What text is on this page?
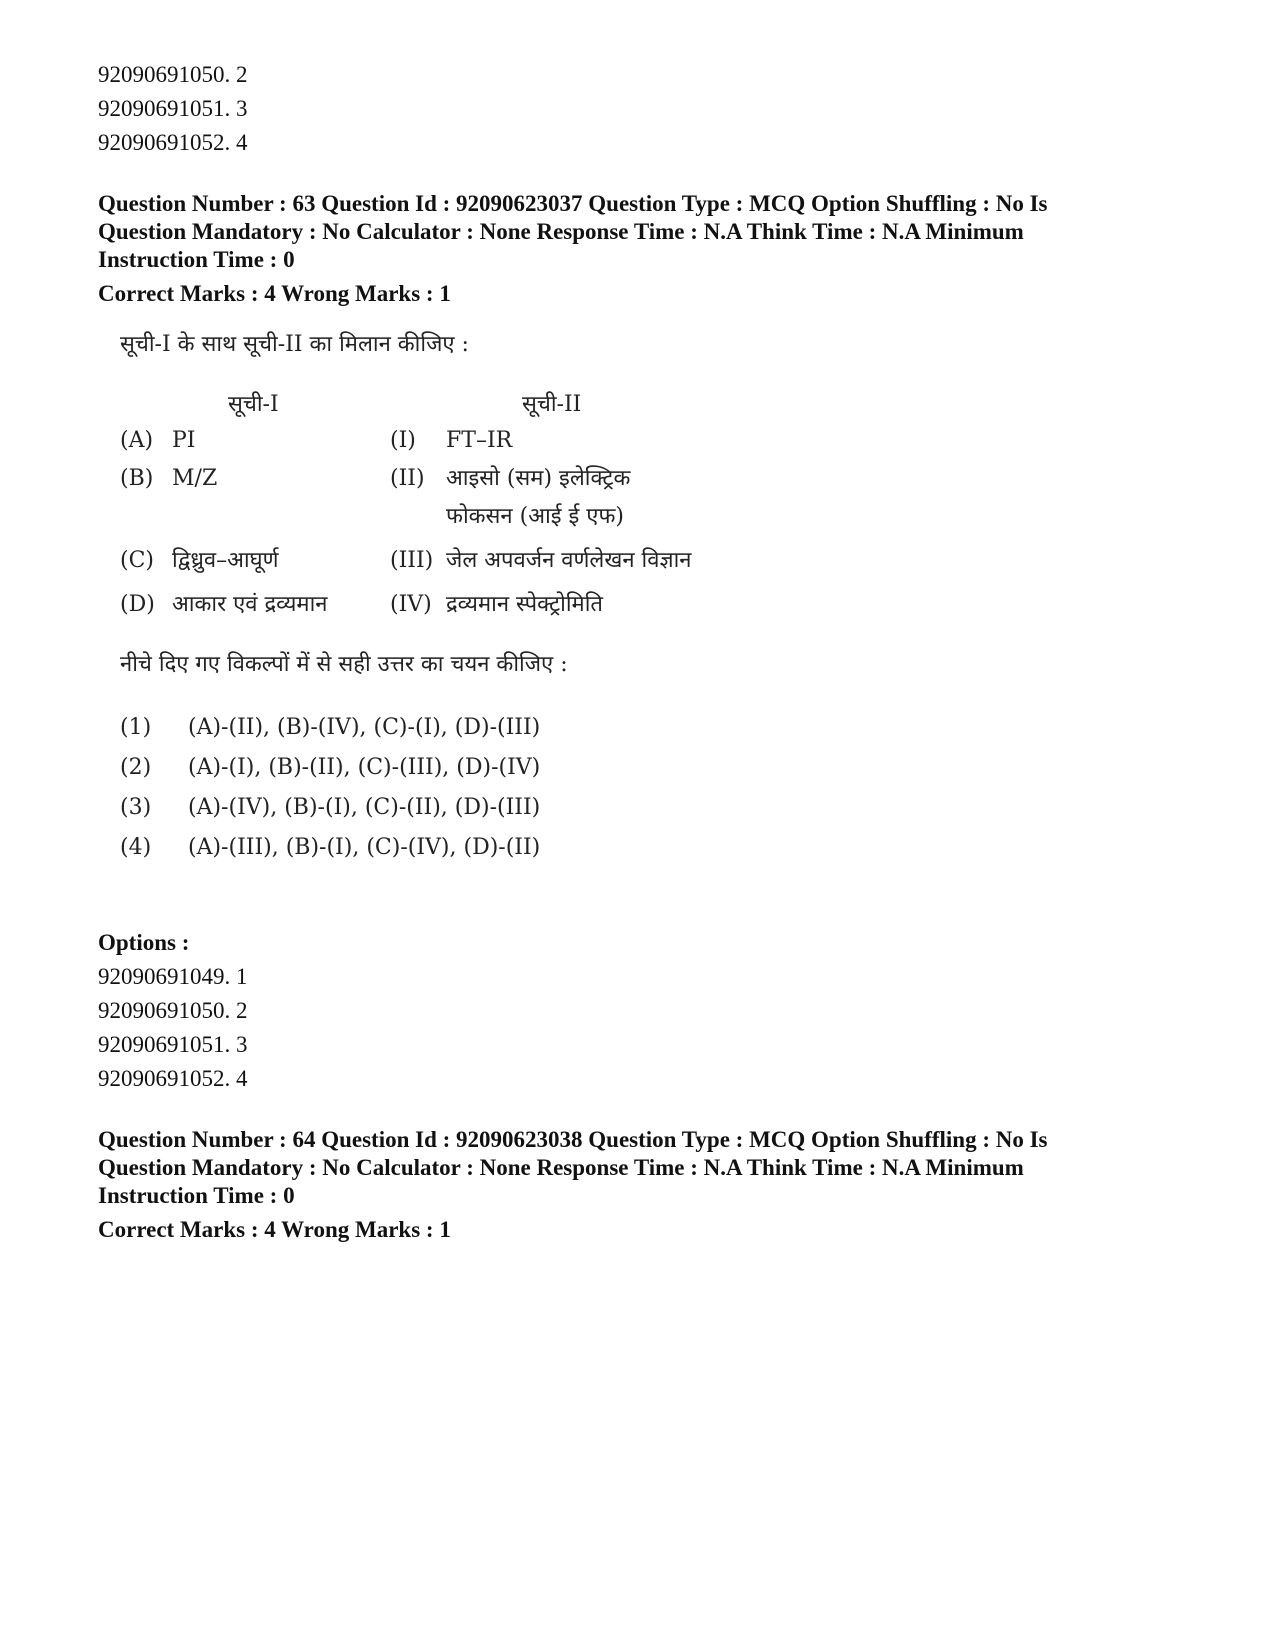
92090691050. 2
92090691051. 3
92090691052. 4
Question Number : 63 Question Id : 92090623037 Question Type : MCQ Option Shuffling : No Is
Question Mandatory : No Calculator : None Response Time : N.A Think Time : N.A Minimum
Instruction Time : 0
Correct Marks : 4 Wrong Marks : 1
सूची-I के साथ सूची-II का मिलान कीजिए :
सूची-I	सूची-II
(A) PI	(I)	FT–IR
(B) M/Z	(II) आइसो (सम) इलेक्ट्रिक फोकसन (आई ई एफ)
(C) द्विध्रुव–आघूर्ण	(III) जेल अपवर्जन वर्णलेखन विज्ञान
(D) आकार एवं द्रव्यमान	(IV) द्रव्यमान स्पेक्ट्रोमिति
नीचे दिए गए विकल्पों में से सही उत्तर का चयन कीजिए :
(1)	(A)-(II), (B)-(IV), (C)-(I), (D)-(III)
(2)	(A)-(I), (B)-(II), (C)-(III), (D)-(IV)
(3)	(A)-(IV), (B)-(I), (C)-(II), (D)-(III)
(4)	(A)-(III), (B)-(I), (C)-(IV), (D)-(II)
Options :
92090691049. 1
92090691050. 2
92090691051. 3
92090691052. 4
Question Number : 64 Question Id : 92090623038 Question Type : MCQ Option Shuffling : No Is
Question Mandatory : No Calculator : None Response Time : N.A Think Time : N.A Minimum
Instruction Time : 0
Correct Marks : 4 Wrong Marks : 1
